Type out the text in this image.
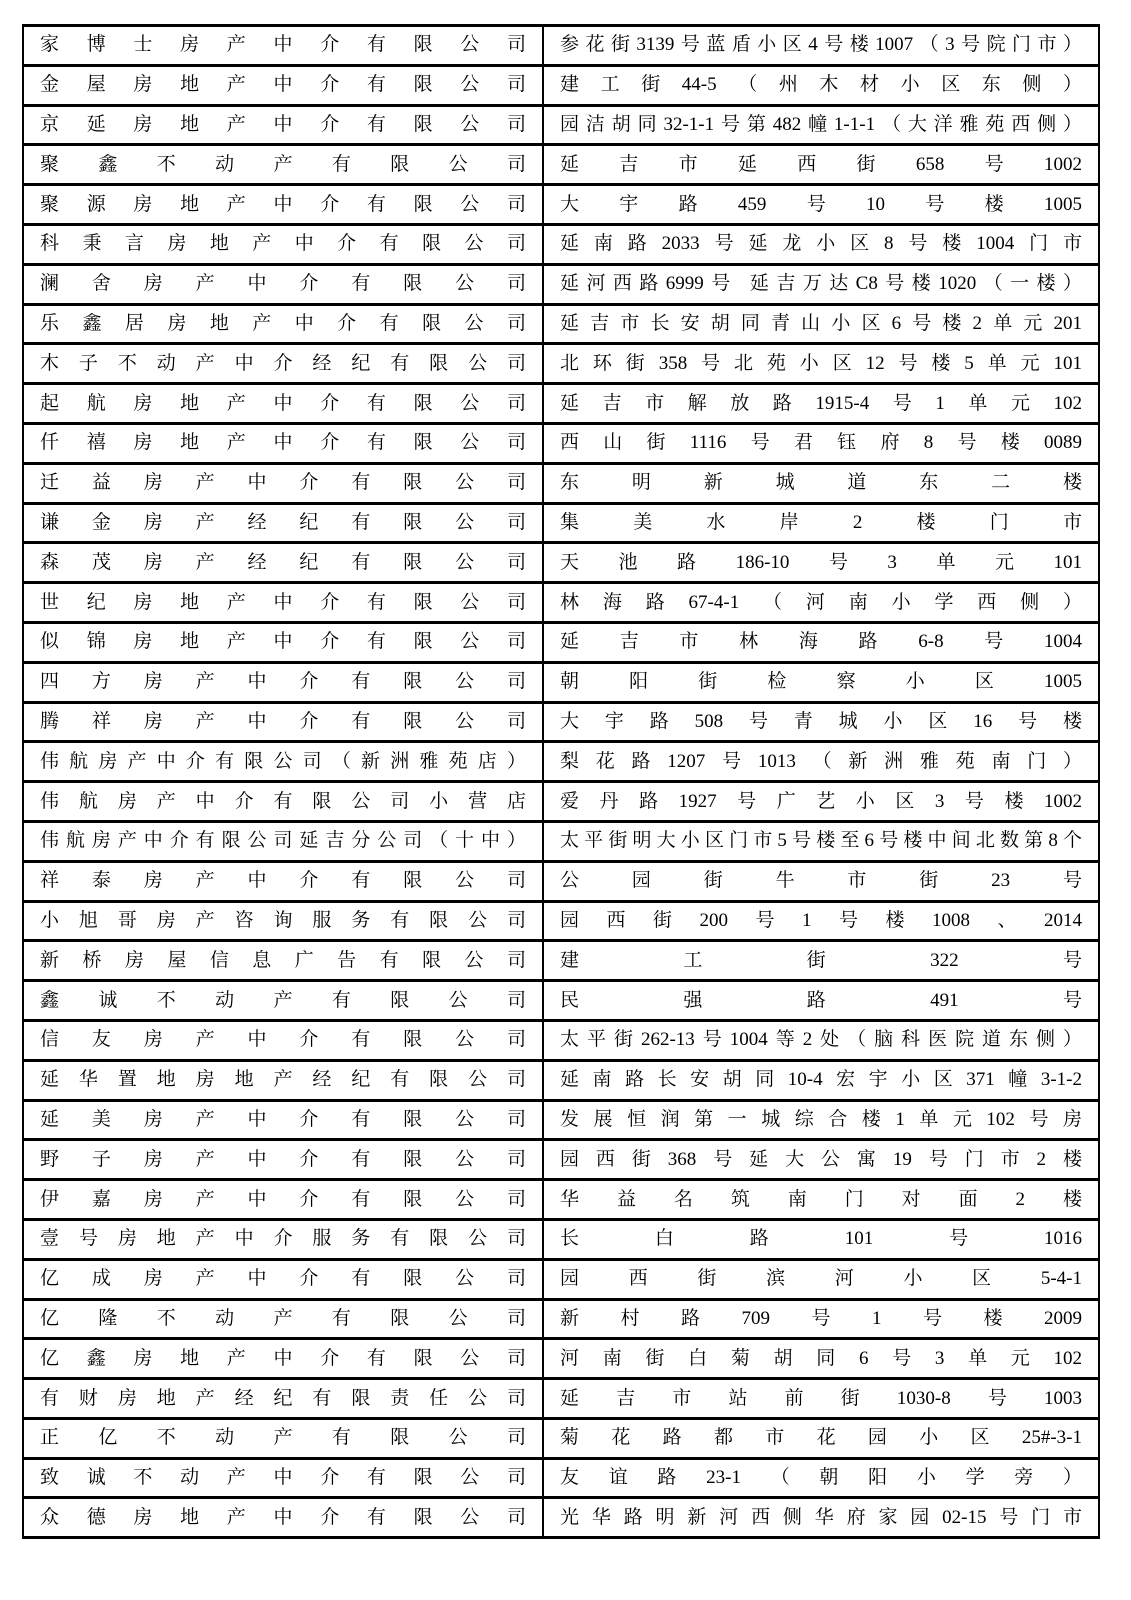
家博士房产中介有限公司	参花街3139号蓝盾小区4号楼1007（3号院门市）
金屋房地产中介有限公司	建工街44-5（州木材小区东侧）
京延房地产中介有限公司	园洁胡同32-1-1号第482幢1-1-1（大洋雅苑西侧）
聚鑫不动产有限公司	延吉市延西街658号1002
聚源房地产中介有限公司	大宇路459号10号楼1005
科秉言房地产中介有限公司	延南路2033号延龙小区8号楼1004门市
澜舍房产中介有限公司	延河西路6999号 延吉万达C8号楼1020（一楼）
乐鑫居房地产中介有限公司	延吉市长安胡同青山小区6号楼2单元201
木子不动产中介经纪有限公司	北环街358号北苑小区12号楼5单元101
起航房地产中介有限公司	延吉市解放路1915-4号1单元102
仟禧房地产中介有限公司	西山街1116号君钰府8号楼0089
迁益房产中介有限公司	东明新城道东二楼
谦金房产经纪有限公司	集美水岸2楼门市
森茂房产经纪有限公司	天池路186-10号3单元101
世纪房地产中介有限公司	林海路67-4-1（河南小学西侧）
似锦房地产中介有限公司	延吉市林海路6-8号1004
四方房产中介有限公司	朝阳街检察小区1005
腾祥房产中介有限公司	大宇路508号青城小区16号楼
伟航房产中介有限公司（新洲雅苑店）	梨花路1207号1013（新洲雅苑南门）
伟航房产中介有限公司小营店	爱丹路1927号广艺小区3号楼1002
伟航房产中介有限公司延吉分公司（十中）	太平街明大小区门市5号楼至6号楼中间北数第8个
祥泰房产中介有限公司	公园街牛市街23号
小旭哥房产咨询服务有限公司	园西街200号1号楼1008、2014
新桥房屋信息广告有限公司	建工街322号
鑫诚不动产有限公司	民强路491号
信友房产中介有限公司	太平街262-13号1004等2处（脑科医院道东侧）
延华置地房地产经纪有限公司	延南路长安胡同10-4宏宇小区371幢3-1-2
延美房产中介有限公司	发展恒润第一城综合楼1单元102号房
野子房产中介有限公司	园西街368号延大公寓19号门市2楼
伊嘉房产中介有限公司	华益名筑南门对面2楼
壹号房地产中介服务有限公司	长白路101号1016
亿成房产中介有限公司	园西街滨河小区5-4-1
亿隆不动产有限公司	新村路709号1号楼2009
亿鑫房地产中介有限公司	河南街白菊胡同6号3单元102
有财房地产经纪有限责任公司	延吉市站前街1030-8号1003
正亿不动产有限公司	菊花路都市花园小区25#-3-1
致诚不动产中介有限公司	友谊路23-1（朝阳小学旁）
众德房地产中介有限公司	光华路明新河西侧华府家园02-15号门市
